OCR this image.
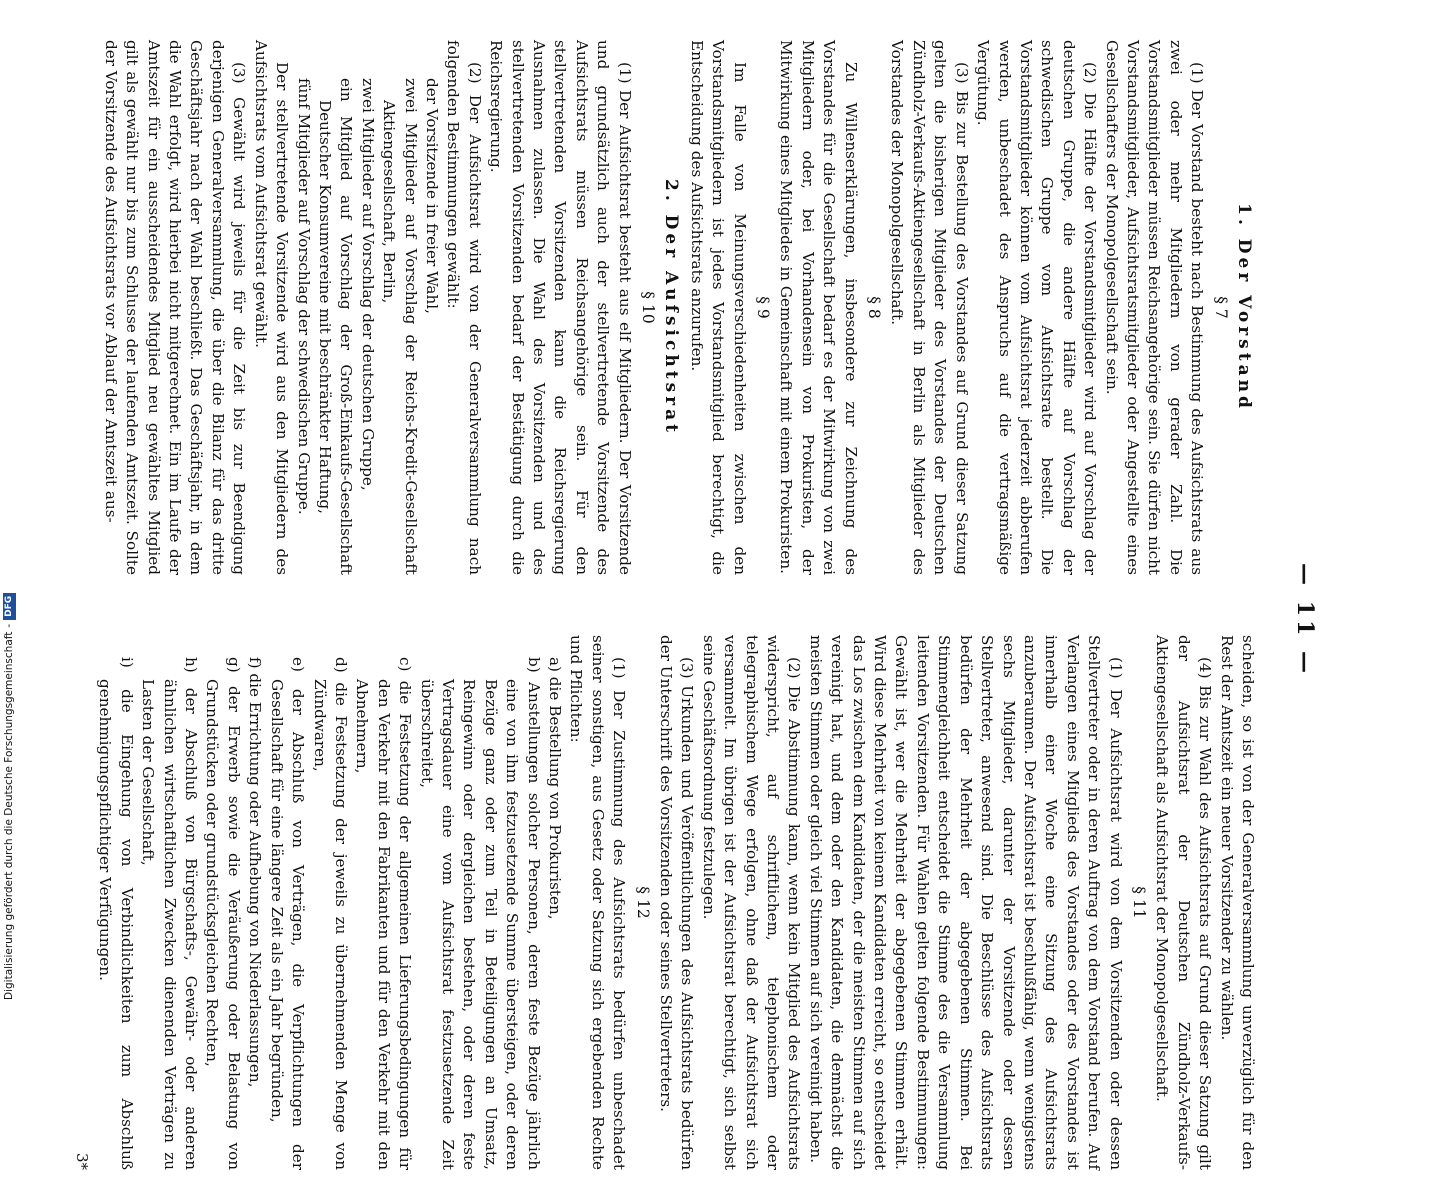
— 11 —
1. Der Vorstand
§ 7

(1) Der Vorstand besteht nach Bestimmung des Aufsichtsrats aus zwei oder mehr Mitgliedern von gerader Zahl. Die Vorstandsmitglieder müssen Reichsangehörige sein. Sie dürfen nicht Vorstandsmitglieder, Aufsichtsratsmitglieder oder Angestellte eines Gesellschafters der Monopolgesellschaft sein.

(2) Die Hälfte der Vorstandsmitglieder wird auf Vorschlag der deutschen Gruppe, die andere Hälfte auf Vorschlag der schwedischen Gruppe vom Aufsichtsrate bestellt. Die Vorstandsmitglieder können vom Aufsichtsrat jederzeit abberufen werden, unbeschadet des Anspruchs auf die vertragsmäßige Vergütung.

(3) Bis zur Bestellung des Vorstandes auf Grund dieser Satzung gelten die bisherigen Mitglieder des Vorstandes der Deutschen Zündholz-Verkaufs-Aktiengesellschaft in Berlin als Mitglieder des Vorstandes der Monopolgesellschaft.

§ 8

Zu Willenserklärungen, insbesondere zur Zeichnung des Vorstandes für die Gesellschaft bedarf es der Mitwirkung von zwei Mitgliedern oder, bei Vorhandensein von Prokuristen, der Mitwirkung eines Mitgliedes in Gemeinschaft mit einem Prokuristen.

§ 9

Im Falle von Meinungsverschiedenheiten zwischen den Vorstandsmitgliedern ist jedes Vorstandsmitglied berechtigt, die Entscheidung des Aufsichtsrats anzurufen.

2. Der Aufsichtsrat
§ 10

(1) Der Aufsichtsrat besteht aus elf Mitgliedern. Der Vorsitzende und grundsätzlich auch der stellvertretende Vorsitzende des Aufsichtsrats müssen Reichsangehörige sein. Für den stellvertretenden Vorsitzenden kann die Reichsregierung Ausnahmen zulassen. Die Wahl des Vorsitzenden und des stellvertretenden Vorsitzenden bedarf der Bestätigung durch die Reichsregierung.

(2) Der Aufsichtsrat wird von der Generalversammlung nach folgenden Bestimmungen gewählt:

der Vorsitzende in freier Wahl,
zwei Mitglieder auf Vorschlag der Reichs-Kredit-Gesellschaft Aktiengesellschaft, Berlin,
zwei Mitglieder auf Vorschlag der deutschen Gruppe,
ein Mitglied auf Vorschlag der Groß-Einkaufs-Gesellschaft Deutscher Konsumvereine mit beschränkter Haftung,
fünf Mitglieder auf Vorschlag der schwedischen Gruppe.

Der stellvertretende Vorsitzende wird aus den Mitgliedern des Aufsichtsrats vom Aufsichtsrat gewählt.

(3) Gewählt wird jeweils für die Zeit bis zur Beendigung derjenigen Generalversammlung, die über die Bilanz für das dritte Geschäftsjahr nach der Wahl beschließt. Das Geschäftsjahr, in dem die Wahl erfolgt, wird hierbei nicht mitgerechnet. Ein im Laufe der Amtszeit für ein ausscheidendes Mitglied neu gewähltes Mitglied gilt als gewählt nur bis zum Schlusse der laufenden Amtszeit. Sollte der Vorsitzende des Aufsichtsrats vor Ablauf der Amtszeit aus-

scheiden, so ist von der Generalversammlung unverzüglich für den Rest der Amtszeit ein neuer Vorsitzender zu wählen.

(4) Bis zur Wahl des Aufsichtsrats auf Grund dieser Satzung gilt der Aufsichtsrat der Deutschen Zündholz-Verkaufs-Aktiengesellschaft als Aufsichtsrat der Monopolgesellschaft.

§ 11

(1) Der Aufsichtsrat wird von dem Vorsitzenden oder dessen Stellvertreter oder in deren Auftrag von dem Vorstand berufen. Auf Verlangen eines Mitglieds des Vorstandes oder des Vorstandes ist innerhalb einer Woche eine Sitzung des Aufsichtsrats anzuberaumen. Der Aufsichtsrat ist beschlußfähig, wenn wenigstens sechs Mitglieder, darunter der Vorsitzende oder dessen Stellvertreter, anwesend sind. Die Beschlüsse des Aufsichtsrats bedürfen der Mehrheit der abgegebenen Stimmen. Bei Stimmengleichheit entscheidet die Stimme des die Versammlung leitenden Vorsitzenden. Für Wahlen gelten folgende Bestimmungen: Gewählt ist, wer die Mehrheit der abgegebenen Stimmen erhält. Wird diese Mehrheit von keinem Kandidaten erreicht, so entscheidet das Los zwischen dem Kandidaten, der die meisten Stimmen auf sich vereinigt hat, und dem oder den Kandidaten, die demnächst die meisten Stimmen oder gleich viel Stimmen auf sich vereinigt haben.

(2) Die Abstimmung kann, wenn kein Mitglied des Aufsichtsrats widerspricht, auf schriftlichem, telephonischem oder telegraphischem Wege erfolgen, ohne daß der Aufsichtsrat sich versammelt. Im übrigen ist der Aufsichtsrat berechtigt, sich selbst seine Geschäftsordnung festzulegen.

(3) Urkunden und Veröffentlichungen des Aufsichtsrats bedürfen der Unterschrift des Vorsitzenden oder seines Stellvertreters.

§ 12

(1) Der Zustimmung des Aufsichtsrats bedürfen unbeschadet seiner sonstigen, aus Gesetz oder Satzung sich ergebenden Rechte und Pflichten:

a) die Bestellung von Prokuristen,
b) Anstellungen solcher Personen, deren feste Bezüge jährlich eine von ihm festzusetzende Summe übersteigen, oder deren Bezüge ganz oder zum Teil in Beteiligungen an Umsatz, Reingewinn oder dergleichen bestehen, oder deren feste Vertragsdauer eine vom Aufsichtsrat festzusetzende Zeit überschreitet,
c) die Festsetzung der allgemeinen Lieferungsbedingungen für den Verkehr mit den Fabrikanten und für den Verkehr mit den Abnehmern,
d) die Festsetzung der jeweils zu übernehmenden Menge von Zündwaren,
e) der Abschluß von Verträgen, die Verpflichtungen der Gesellschaft für eine längere Zeit als ein Jahr begründen,
f) die Errichtung oder Aufhebung von Niederlassungen,
g) der Erwerb sowie die Veräußerung oder Belastung von Grundstücken oder grundstücksgleichen Rechten,
h) der Abschluß von Bürgschafts-, Gewähr- oder anderen ähnlichen wirtschaftlichen Zwecken dienenden Verträgen zu Lasten der Gesellschaft,
i) die Eingehung von Verbindlichkeiten zum Abschluß genehmigungspflichtiger Verfügungen.
3*
Digitalisierung gefördert durch die Deutsche Forschungsgemeinschaft
-
DFG
